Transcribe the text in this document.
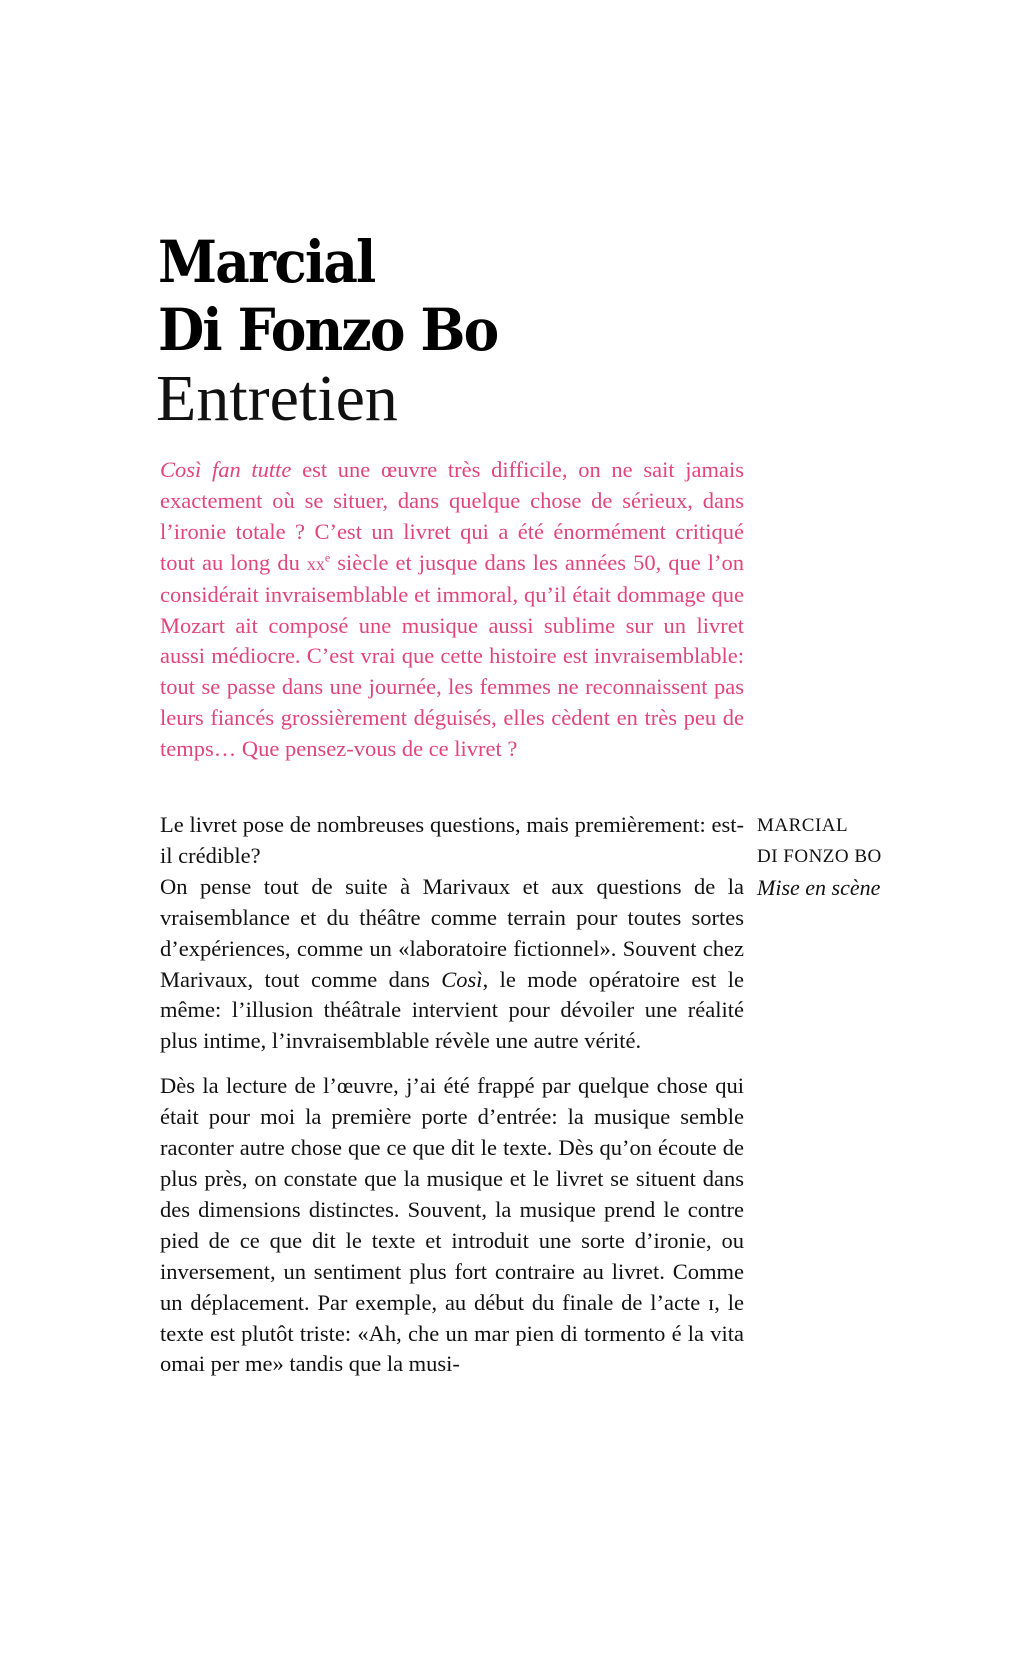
Marcial
Di Fonzo Bo
Entretien

Così fan tutte est une œuvre très difficile, on ne sait jamais exactement où se situer, dans quelque chose de sérieux, dans l’ironie totale ? C’est un livret qui a été énormément critiqué tout au long du $xx^e$ siècle et jusque dans les années 50, que l’on considérait invraisemblable et immoral, qu’il était dommage que Mozart ait composé une musique aussi sublime sur un livret aussi médiocre. C’est vrai que cette histoire est invraisemblable: tout se passe dans une journée, les femmes ne reconnaissent pas leurs fiancés grossièrement déguisés, elles cèdent en très peu de temps… Que pensez-vous de ce livret ?

Le livret pose de nombreuses questions, mais premièrement: est-il crédible?

On pense tout de suite à Marivaux et aux questions de la vraisemblance et du théâtre comme terrain pour toutes sortes d’expériences, comme un «laboratoire fictionnel». Souvent chez Marivaux, tout comme dans Così, le mode opératoire est le même: l’illusion théâtrale intervient pour dévoiler une réalité plus intime, l’invraisemblable révèle une autre vérité.

Dès la lecture de l’œuvre, j’ai été frappé par quelque chose qui était pour moi la première porte d’entrée: la musique semble raconter autre chose que ce que dit le texte. Dès qu’on écoute de plus près, on constate que la musique et le livret se situent dans des dimensions distinctes. Souvent, la musique prend le contre pied de ce que dit le texte et introduit une sorte d’ironie, ou inversement, un sentiment plus fort contraire au livret. Comme un déplacement. Par exemple, au début du finale de l’acte ɪ, le texte est plutôt triste: «Ah, che un mar pien di tormento é la vita omai per me» tandis que la musi-

MARCIAL
DI FONZO BO
Mise en scène
